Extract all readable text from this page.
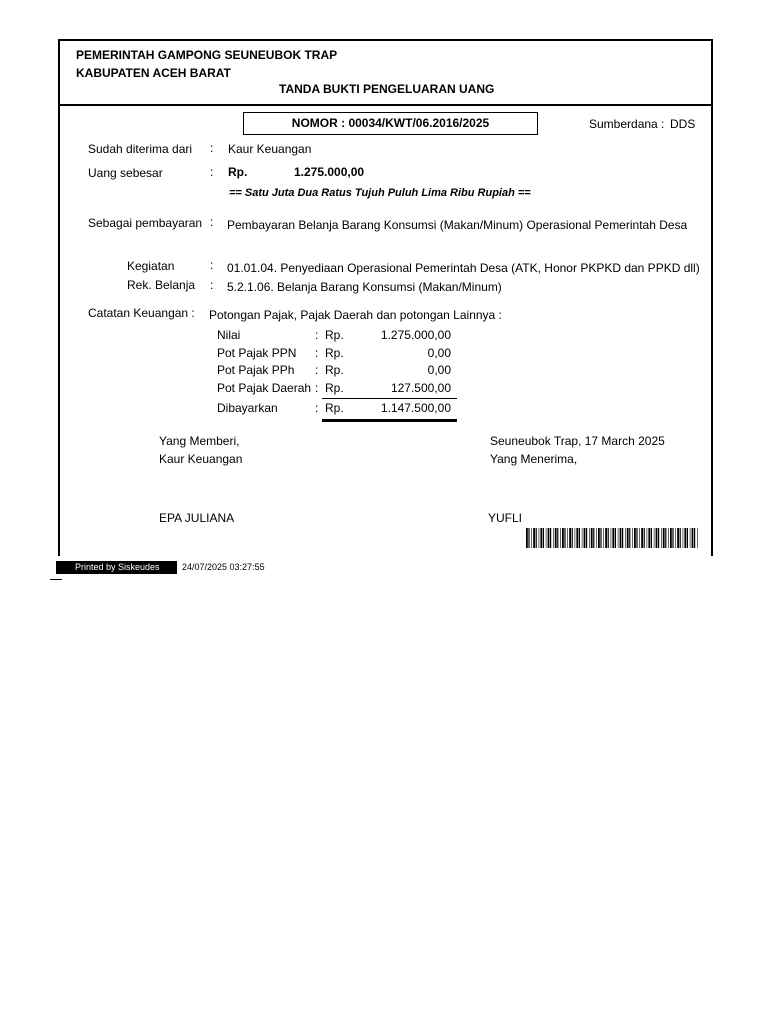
PEMERINTAH GAMPONG SEUNEUBOK TRAP
KABUPATEN ACEH BARAT
TANDA BUKTI PENGELUARAN UANG
NOMOR : 00034/KWT/06.2016/2025	Sumberdana : DDS
Sudah diterima dari : Kaur Keuangan
Uang sebesar	: Rp.	1.275.000,00
== Satu Juta Dua Ratus Tujuh Puluh Lima Ribu Rupiah ==
Sebagai pembayaran : Pembayaran Belanja Barang Konsumsi (Makan/Minum) Operasional Pemerintah Desa
Kegiatan	: 01.01.04. Penyediaan Operasional Pemerintah Desa (ATK, Honor PKPKD dan PPKD dll)
Rek. Belanja : 5.2.1.06. Belanja Barang Konsumsi (Makan/Minum)
Catatan Keuangan : Potongan Pajak, Pajak Daerah dan potongan Lainnya :
Nilai	: Rp.	1.275.000,00
Pot Pajak PPN : Rp.	0,00
Pot Pajak PPh : Rp.	0,00
Pot Pajak Daerah : Rp.	127.500,00
Dibayarkan	: Rp.	1.147.500,00
Yang Memberi,
Kaur Keuangan
EPA JULIANA
Seuneubok Trap, 17 March 2025
Yang Menerima,
YUFLI
Printed by Siskeudes	24/07/2025 03:27:55
